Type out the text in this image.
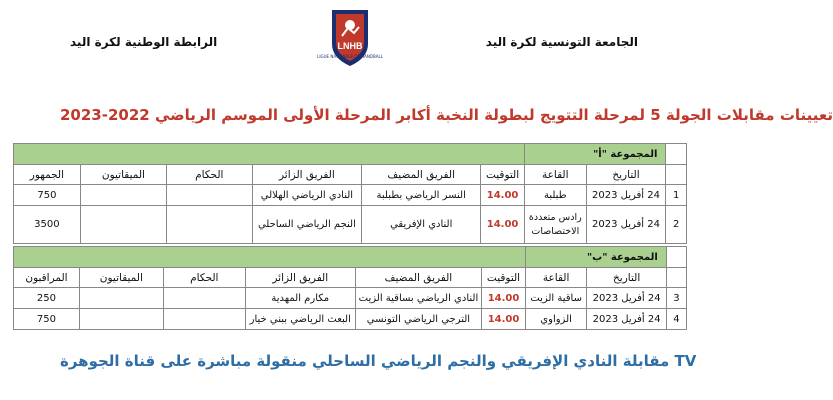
الجامعة التونسية لكرة اليد
الرابطة الوطنية لكرة اليد	LNHB
LIGUE NATIONALE DE HANDBALL
تعيينات مقابلات الجولة 5 لمرحلة التتويج لبطولة النخبة أكابر المرحلة الأولى الموسم الرياضي 2022-2023
	المجموعة "أ"							
	التاريخ	القاعة	التوقيت	الفريق المضيف	الفريق الزائر	الحكام	الميقاتيون	الجمهور
1	24 أفريل 2023	طبلبة	14.00	النسر الرياضي بطبلبة	النادي الرياضي الهلالي			750
2	24 أفريل 2023	رادس متعددة الاختصاصات	14.00	النادي الإفريقي	النجم الرياضي الساحلي			3500
	المجموعة "ب"							
	التاريخ	القاعة	التوقيت	الفريق المضيف	الفريق الزائر	الحكام	الميقاتيون	المراقبون
3	24 أفريل 2023	ساقية الزيت	14.00	النادي الرياضي بساقية الزيت	مكارم المهدية			250
4	24 أفريل 2023	الزواوي	14.00	الترجي الرياضي التونسي	البعث الرياضي ببني خيار			750
مقابلة النادي الإفريقي والنجم الرياضي الساحلي منقولة مباشرة على قناة الجوهرة TV
